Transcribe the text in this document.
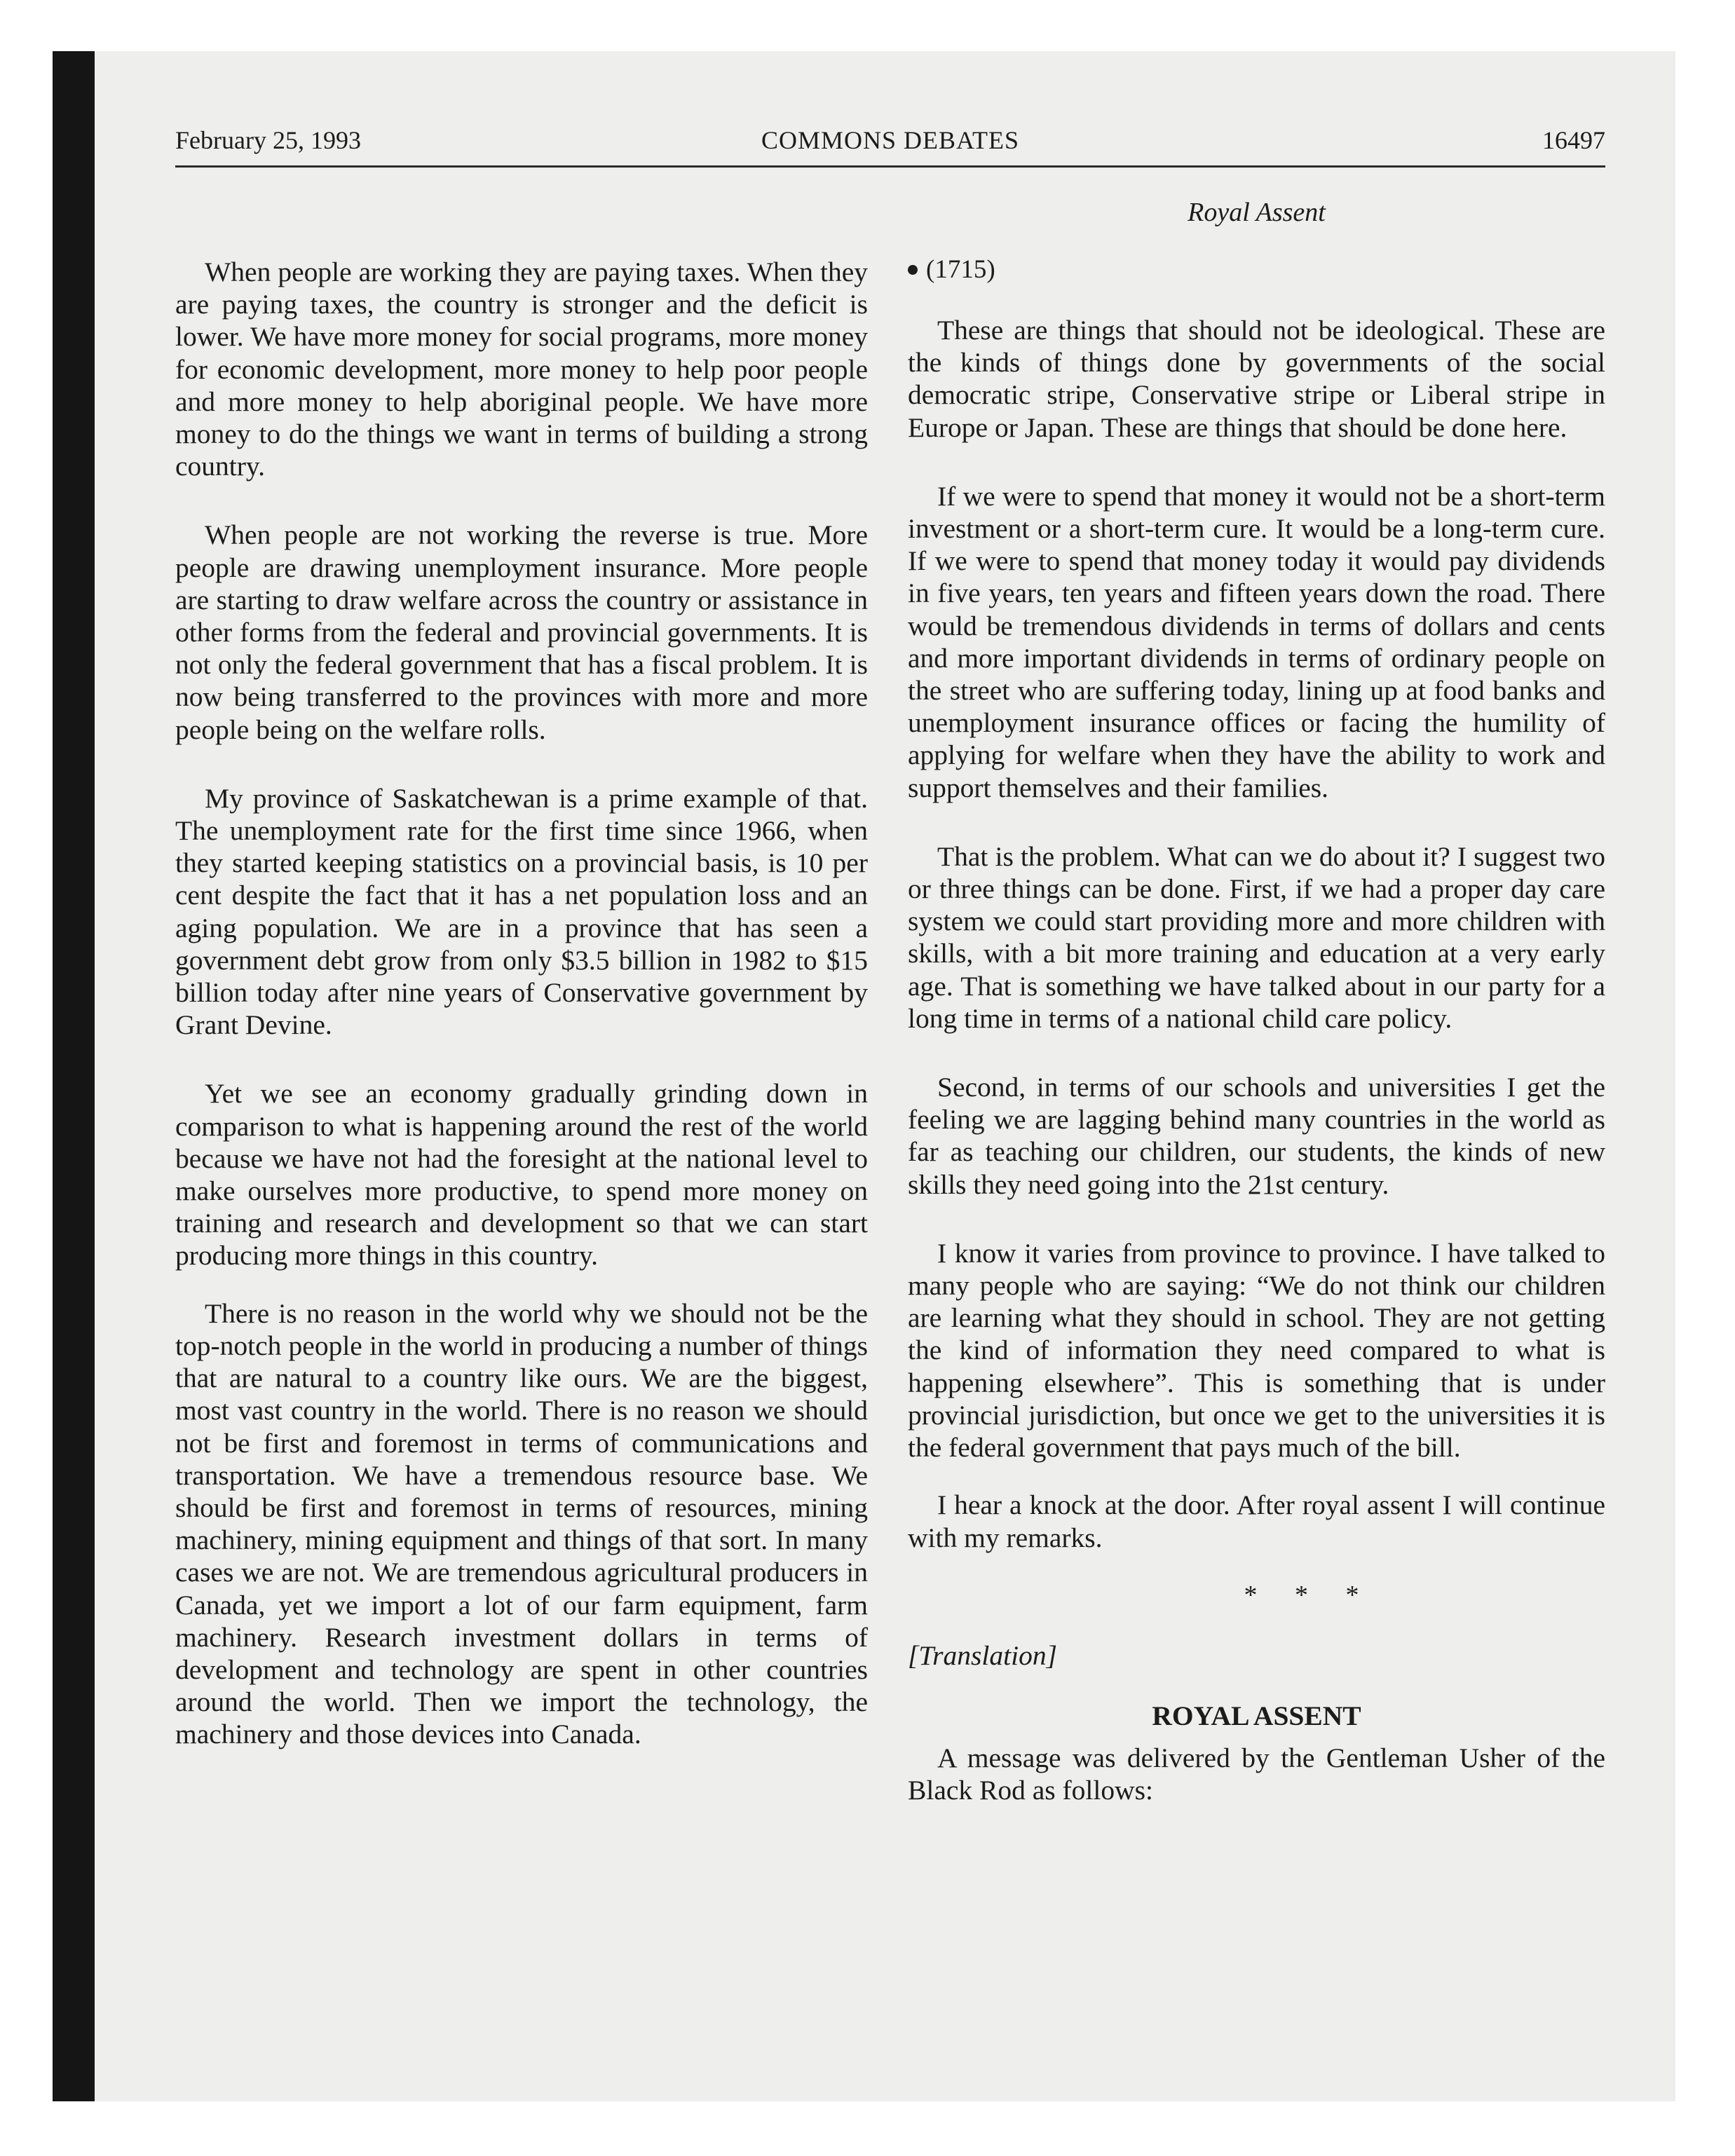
COMMONS DEBATES
February 25, 1993	16497

When people are working they are paying taxes. When they are paying taxes, the country is stronger and the deficit is lower. We have more money for social programs, more money for economic development, more money to help poor people and more money to help aboriginal people. We have more money to do the things we want in terms of building a strong country.

When people are not working the reverse is true. More people are drawing unemployment insurance. More people are starting to draw welfare across the country or assistance in other forms from the federal and provincial governments. It is not only the federal government that has a fiscal problem. It is now being transferred to the provinces with more and more people being on the welfare rolls.

My province of Saskatchewan is a prime example of that. The unemployment rate for the first time since 1966, when they started keeping statistics on a provincial basis, is 10 per cent despite the fact that it has a net population loss and an aging population. We are in a province that has seen a government debt grow from only $3.5 billion in 1982 to $15 billion today after nine years of Conservative government by Grant Devine.

Yet we see an economy gradually grinding down in comparison to what is happening around the rest of the world because we have not had the foresight at the national level to make ourselves more productive, to spend more money on training and research and development so that we can start producing more things in this country.

There is no reason in the world why we should not be the top-notch people in the world in producing a number of things that are natural to a country like ours. We are the biggest, most vast country in the world. There is no reason we should not be first and foremost in terms of communications and transportation. We have a tremendous resource base. We should be first and foremost in terms of resources, mining machinery, mining equipment and things of that sort. In many cases we are not. We are tremendous agricultural producers in Canada, yet we import a lot of our farm equipment, farm machinery. Research investment dollars in terms of development and technology are spent in other countries around the world. Then we import the technology, the machinery and those devices into Canada.

Royal Assent
(1715)

These are things that should not be ideological. These are the kinds of things done by governments of the social democratic stripe, Conservative stripe or Liberal stripe in Europe or Japan. These are things that should be done here.

If we were to spend that money it would not be a short-term investment or a short-term cure. It would be a long-term cure. If we were to spend that money today it would pay dividends in five years, ten years and fifteen years down the road. There would be tremendous dividends in terms of dollars and cents and more important dividends in terms of ordinary people on the street who are suffering today, lining up at food banks and unemployment insurance offices or facing the humility of applying for welfare when they have the ability to work and support themselves and their families.

That is the problem. What can we do about it? I suggest two or three things can be done. First, if we had a proper day care system we could start providing more and more children with skills, with a bit more training and education at a very early age. That is something we have talked about in our party for a long time in terms of a national child care policy.

Second, in terms of our schools and universities I get the feeling we are lagging behind many countries in the world as far as teaching our children, our students, the kinds of new skills they need going into the 21st century.

I know it varies from province to province. I have talked to many people who are saying: “We do not think our children are learning what they should in school. They are not getting the kind of information they need compared to what is happening elsewhere”. This is something that is under provincial jurisdiction, but once we get to the universities it is the federal government that pays much of the bill.

I hear a knock at the door. After royal assent I will continue with my remarks.

* * *
[Translation]
ROYAL ASSENT

A message was delivered by the Gentleman Usher of the Black Rod as follows:
